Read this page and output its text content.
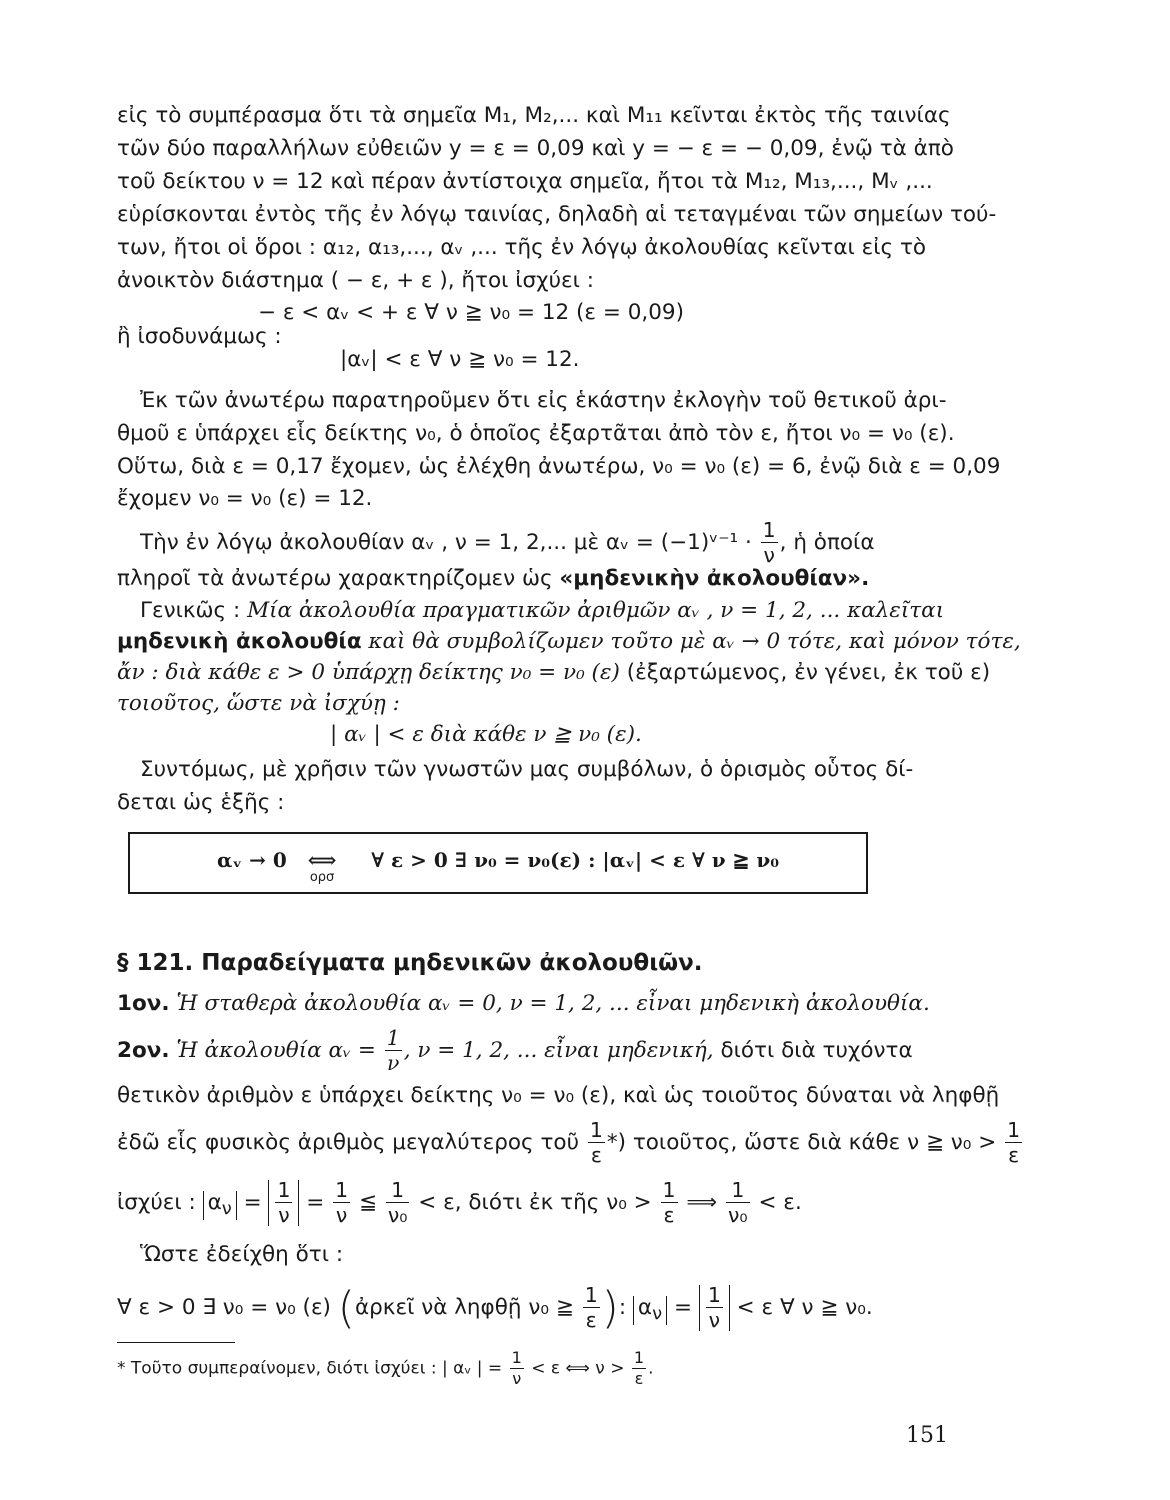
εἰς τὸ συμπέρασμα ὅτι τὰ σημεῖα M₁, M₂,... καὶ M₁₁ κεῖνται ἐκτὸς τῆς ταινίας
τῶν δύο παραλλήλων εὐθειῶν y = ε = 0,09 καὶ y = − ε = − 0,09, ἐνῷ τὰ ἀπὸ
τοῦ δείκτου ν = 12 καὶ πέραν ἀντίστοιχα σημεῖα, ἤτοι τὰ M₁₂, M₁₃,..., Mᵥ ,...
εὑρίσκονται ἐντὸς τῆς ἐν λόγῳ ταινίας, δηλαδὴ αἱ τεταγμέναι τῶν σημείων τού-
των, ἤτοι οἱ ὅροι : α₁₂, α₁₃,..., αᵥ ,... τῆς ἐν λόγῳ ἀκολουθίας κεῖνται εἰς τὸ
ἀνοικτὸν διάστημα ( − ε, + ε ), ἤτοι ἰσχύει :
− ε < αᵥ < + ε ∀ ν ≧ ν₀ = 12 (ε = 0,09)
ἢ ἰσοδυνάμως :
|αᵥ| < ε ∀ ν ≧ ν₀ = 12.
Ἐκ τῶν ἀνωτέρω παρατηροῦμεν ὅτι εἰς ἑκάστην ἐκλογὴν τοῦ θετικοῦ ἀρι-
θμοῦ ε ὑπάρχει εἷς δείκτης ν₀, ὁ ὁποῖος ἐξαρτᾶται ἀπὸ τὸν ε, ἤτοι ν₀ = ν₀ (ε).
Οὕτω, διὰ ε = 0,17 ἔχομεν, ὡς ἐλέχθη ἀνωτέρω, ν₀ = ν₀ (ε) = 6, ἐνῷ διὰ ε = 0,09
ἔχομεν ν₀ = ν₀ (ε) = 12.
Τὴν ἐν λόγῳ ἀκολουθίαν αᵥ , ν = 1, 2,... μὲ αᵥ = (−1)ᵛ⁻¹ · $\frac{1}{\nu}$ , ἡ ὁποία
πληροῖ τὰ ἀνωτέρω χαρακτηρίζομεν ὡς «μηδενικὴν ἀκολουθίαν».
Γενικῶς : Μία ἀκολουθία πραγματικῶν ἀριθμῶν αᵥ , ν = 1, 2, ... καλεῖται
μηδενικὴ ἀκολουθία καὶ θὰ συμβολίζωμεν τοῦτο μὲ αᵥ → 0 τότε, καὶ μόνον τότε,
ἄν : διὰ κάθε ε > 0 ὑπάρχῃ δείκτης ν₀ = ν₀ (ε) (ἐξαρτώμενος, ἐν γένει, ἐκ τοῦ ε)
τοιοῦτος, ὥστε νὰ ἰσχύῃ :
| αᵥ | < ε διὰ κάθε ν ≧ ν₀ (ε).
Συντόμως, μὲ χρῆσιν τῶν γνωστῶν μας συμβόλων, ὁ ὁρισμὸς οὗτος δί-
δεται ὡς ἑξῆς :
αᵥ → 0 ⟺
ορσ
∀ ε > 0 ∃ ν₀ = ν₀(ε) : |αᵥ| < ε ∀ ν ≧ ν₀
§ 121. Παραδείγματα μηδενικῶν ἀκολουθιῶν.
1ον. Ἡ σταθερὰ ἀκολουθία αᵥ = 0, ν = 1, 2, ... εἶναι μηδενικὴ ἀκολουθία.
2ον. Ἡ ἀκολουθία αᵥ = $\frac{1}{\nu}$ , ν = 1, 2, ... εἶναι μηδενική, διότι διὰ τυχόντα
θετικὸν ἀριθμὸν ε ὑπάρχει δείκτης ν₀ = ν₀ (ε), καὶ ὡς τοιοῦτος δύναται νὰ ληφθῇ
ἐδῶ εἷς φυσικὸς ἀριθμὸς μεγαλύτερος τοῦ $\frac{1}{\varepsilon}$ *) τοιοῦτος, ὥστε διὰ κάθε ν ≧ $\nu_0 > \frac{1}{\varepsilon}$
ἰσχύει : $\alpha_\nu = \frac{1}{\nu} = \frac{1}{\nu}$ ≦ $\frac{1}{\text{ν₀}} < \varepsilon$, διότι ἐκ τῆς $\nu_0 > \frac{1}{\varepsilon}$ ⟹ $\frac{1}{\text{ν₀}} < \varepsilon$.
Ὥστε ἐδείχθη ὅτι :
∀ ε > 0 ∃ ν₀ = ν₀ (ε) (ἀρκεῖ νὰ ληφθῇ ν₀ ≧ $\frac{1}{\varepsilon}$ ): $\alpha_\nu = \frac{1}{\nu} < \varepsilon$ ∀ ν ≧ ν₀.
* Τοῦτο συμπεραίνομεν, διότι ἰσχύει : | αᵥ | = $\frac{1}{\nu} < \varepsilon$ ⟺ $\nu > \frac{1}{\varepsilon}$ .
151
